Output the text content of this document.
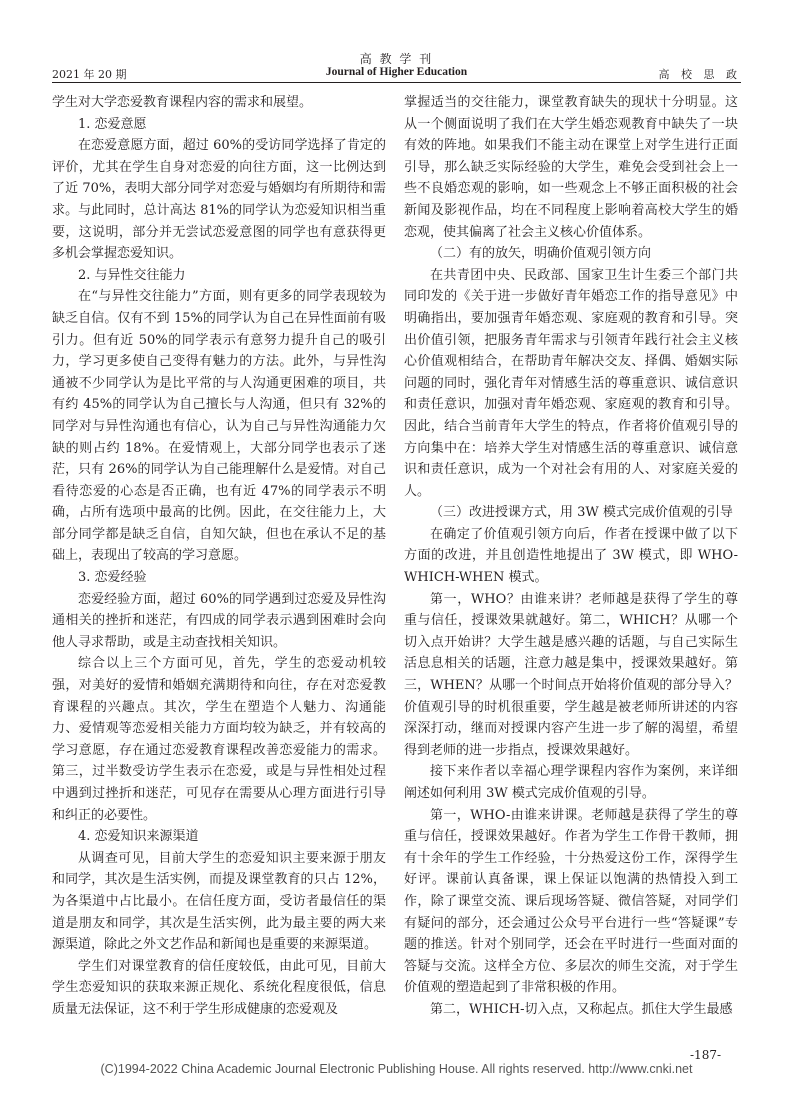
高 教 学 刊
2021 年 20 期	Journal of Higher Education	高 校 思 政

学生对大学恋爱教育课程内容的需求和展望。

1. 恋爱意愿

在恋爱意愿方面，超过 60%的受访同学选择了肯定的评价，尤其在学生自身对恋爱的向往方面，这一比例达到了近 70%，表明大部分同学对恋爱与婚姻均有所期待和需求。与此同时，总计高达 81%的同学认为恋爱知识相当重要，这说明，部分并无尝试恋爱意图的同学也有意获得更多机会掌握恋爱知识。

2. 与异性交往能力

在“与异性交往能力”方面，则有更多的同学表现较为缺乏自信。仅有不到 15%的同学认为自己在异性面前有吸引力。但有近 50%的同学表示有意努力提升自己的吸引力，学习更多使自己变得有魅力的方法。此外，与异性沟通被不少同学认为是比平常的与人沟通更困难的项目，共有约 45%的同学认为自己擅长与人沟通，但只有 32%的同学对与异性沟通也有信心，认为自己与异性沟通能力欠缺的则占约 18%。在爱情观上，大部分同学也表示了迷茫，只有 26%的同学认为自己能理解什么是爱情。对自己看待恋爱的心态是否正确，也有近 47%的同学表示不明确，占所有选项中最高的比例。因此，在交往能力上，大部分同学都是缺乏自信，自知欠缺，但也在承认不足的基础上，表现出了较高的学习意愿。

3. 恋爱经验

恋爱经验方面，超过 60%的同学遇到过恋爱及异性沟通相关的挫折和迷茫，有四成的同学表示遇到困难时会向他人寻求帮助，或是主动查找相关知识。

综合以上三个方面可见，首先，学生的恋爱动机较强，对美好的爱情和婚姻充满期待和向往，存在对恋爱教育课程的兴趣点。其次，学生在塑造个人魅力、沟通能力、爱情观等恋爱相关能力方面均较为缺乏，并有较高的学习意愿，存在通过恋爱教育课程改善恋爱能力的需求。第三，过半数受访学生表示在恋爱，或是与异性相处过程中遇到过挫折和迷茫，可见存在需要从心理方面进行引导和纠正的必要性。

4. 恋爱知识来源渠道

从调查可见，目前大学生的恋爱知识主要来源于朋友和同学，其次是生活实例，而提及课堂教育的只占 12%，为各渠道中占比最小。在信任度方面，受访者最信任的渠道是朋友和同学，其次是生活实例，此为最主要的两大来源渠道，除此之外文艺作品和新闻也是重要的来源渠道。

学生们对课堂教育的信任度较低，由此可见，目前大学生恋爱知识的获取来源正规化、系统化程度很低，信息质量无法保证，这不利于学生形成健康的恋爱观及

掌握适当的交往能力，课堂教育缺失的现状十分明显。这从一个侧面说明了我们在大学生婚恋观教育中缺失了一块有效的阵地。如果我们不能主动在课堂上对学生进行正面引导，那么缺乏实际经验的大学生，难免会受到社会上一些不良婚恋观的影响，如一些观念上不够正面积极的社会新闻及影视作品，均在不同程度上影响着高校大学生的婚恋观，使其偏离了社会主义核心价值体系。

（二）有的放矢，明确价值观引领方向

在共青团中央、民政部、国家卫生计生委三个部门共同印发的《关于进一步做好青年婚恋工作的指导意见》中明确指出，要加强青年婚恋观、家庭观的教育和引导。突出价值引领，把服务青年需求与引领青年践行社会主义核心价值观相结合，在帮助青年解决交友、择偶、婚姻实际问题的同时，强化青年对情感生活的尊重意识、诚信意识和责任意识，加强对青年婚恋观、家庭观的教育和引导。因此，结合当前青年大学生的特点，作者将价值观引导的方向集中在：培养大学生对情感生活的尊重意识、诚信意识和责任意识，成为一个对社会有用的人、对家庭关爱的人。

（三）改进授课方式，用 3W 模式完成价值观的引导

在确定了价值观引领方向后，作者在授课中做了以下方面的改进，并且创造性地提出了 3W 模式，即 WHO-WHICH-WHEN 模式。

第一，WHO？由谁来讲？老师越是获得了学生的尊重与信任，授课效果就越好。第二，WHICH？从哪一个切入点开始讲？大学生越是感兴趣的话题，与自己实际生活息息相关的话题，注意力越是集中，授课效果越好。第三，WHEN？从哪一个时间点开始将价值观的部分导入？价值观引导的时机很重要，学生越是被老师所讲述的内容深深打动，继而对授课内容产生进一步了解的渴望，希望得到老师的进一步指点，授课效果越好。

接下来作者以幸福心理学课程内容作为案例，来详细阐述如何利用 3W 模式完成价值观的引导。

第一，WHO-由谁来讲课。老师越是获得了学生的尊重与信任，授课效果越好。作者为学生工作骨干教师，拥有十余年的学生工作经验，十分热爱这份工作，深得学生好评。课前认真备课，课上保证以饱满的热情投入到工作，除了课堂交流、课后现场答疑、微信答疑，对同学们有疑问的部分，还会通过公众号平台进行一些“答疑课”专题的推送。针对个别同学，还会在平时进行一些面对面的答疑与交流。这样全方位、多层次的师生交流，对于学生价值观的塑造起到了非常积极的作用。

第二，WHICH-切入点，又称起点。抓住大学生最感

-187-
(C)1994-2022 China Academic Journal Electronic Publishing House. All rights reserved. http://www.cnki.net
